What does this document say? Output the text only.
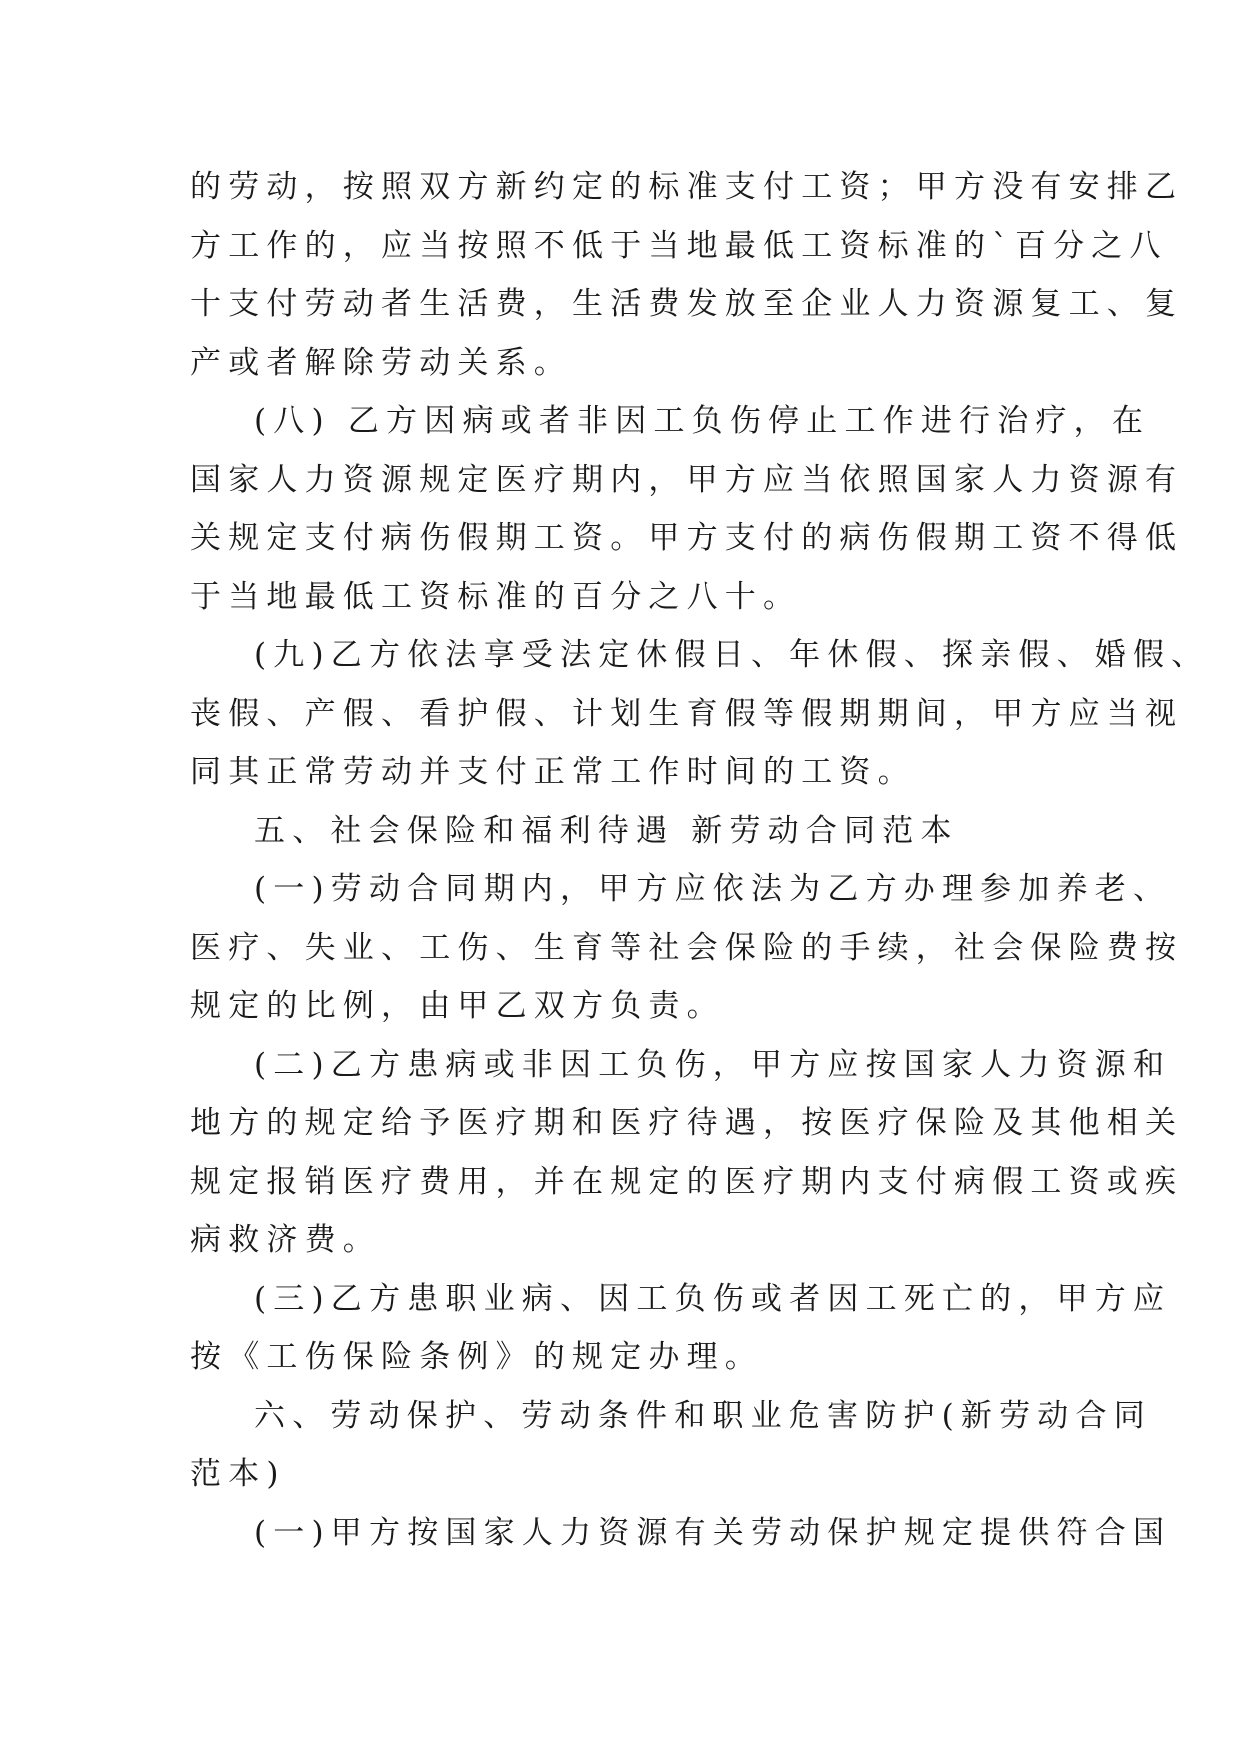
的劳动，按照双方新约定的标准支付工资；甲方没有安排乙
方工作的，应当按照不低于当地最低工资标准的`百分之八
十支付劳动者生活费，生活费发放至企业人力资源复工、复
产或者解除劳动关系。
(八) 乙方因病或者非因工负伤停止工作进行治疗，在
国家人力资源规定医疗期内，甲方应当依照国家人力资源有
关规定支付病伤假期工资。甲方支付的病伤假期工资不得低
于当地最低工资标准的百分之八十。
(九)乙方依法享受法定休假日、年休假、探亲假、婚假、
丧假、产假、看护假、计划生育假等假期期间，甲方应当视
同其正常劳动并支付正常工作时间的工资。
五、社会保险和福利待遇 新劳动合同范本
(一)劳动合同期内，甲方应依法为乙方办理参加养老、
医疗、失业、工伤、生育等社会保险的手续，社会保险费按
规定的比例，由甲乙双方负责。
(二)乙方患病或非因工负伤，甲方应按国家人力资源和
地方的规定给予医疗期和医疗待遇，按医疗保险及其他相关
规定报销医疗费用，并在规定的医疗期内支付病假工资或疾
病救济费。
(三)乙方患职业病、因工负伤或者因工死亡的，甲方应
按《工伤保险条例》的规定办理。
六、劳动保护、劳动条件和职业危害防护(新劳动合同
范本)
(一)甲方按国家人力资源有关劳动保护规定提供符合国
